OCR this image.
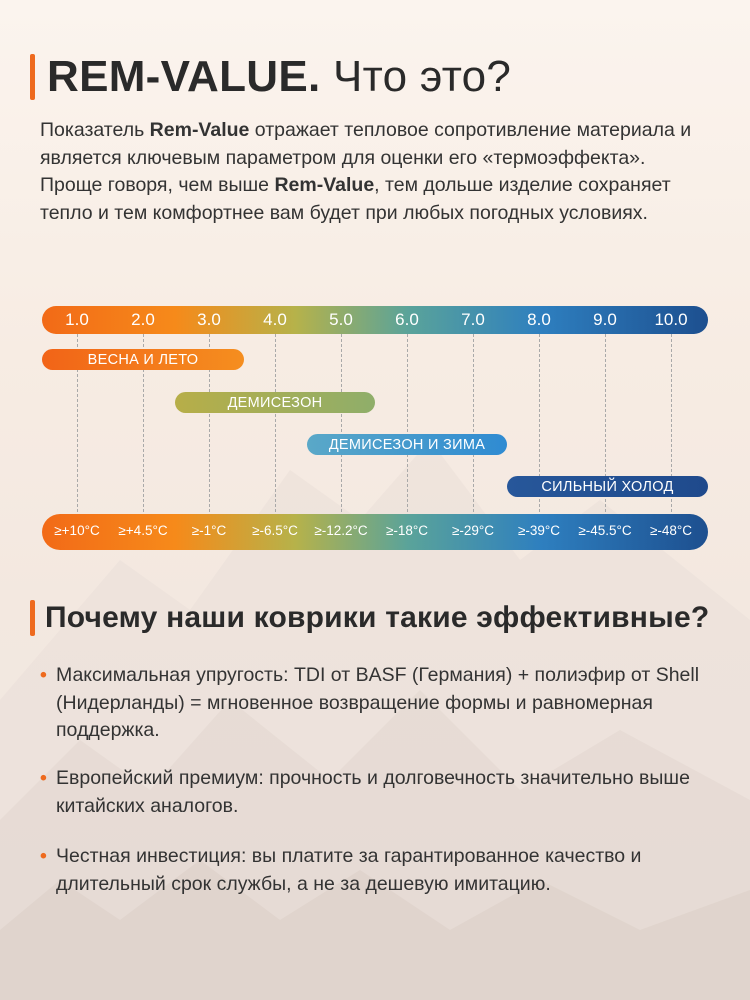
REM-VALUE. Что это?

Показатель Rem-Value отражает тепловое сопротивление материала и является ключевым параметром для оценки его «термоэффекта».

Проще говоря, чем выше Rem-Value, тем дольше изделие сохраняет тепло и тем комфортнее вам будет при любых погодных условиях.

1.0	2.0	3.0	4.0	5.0	6.0	7.0	8.0	9.0	10.0
ВЕСНА И ЛЕТО
ДЕМИСЕЗОН
ДЕМИСЕЗОН И ЗИМА
СИЛЬНЫЙ ХОЛОД
≥+10°C	≥+4.5°C	≥-1°C	≥-6.5°C	≥-12.2°C	≥-18°C	≥-29°C	≥-39°C	≥-45.5°C	≥-48°C
Почему наши коврики такие эффективные?
• Максимальная упругость: TDI от BASF (Германия) + полиэфир от Shell (Нидерланды) = мгновенное возвращение формы и равномерная поддержка.
• Европейский премиум: прочность и долговечность значительно выше китайских аналогов.
• Честная инвестиция: вы платите за гарантированное качество и длительный срок службы, а не за дешевую имитацию.
